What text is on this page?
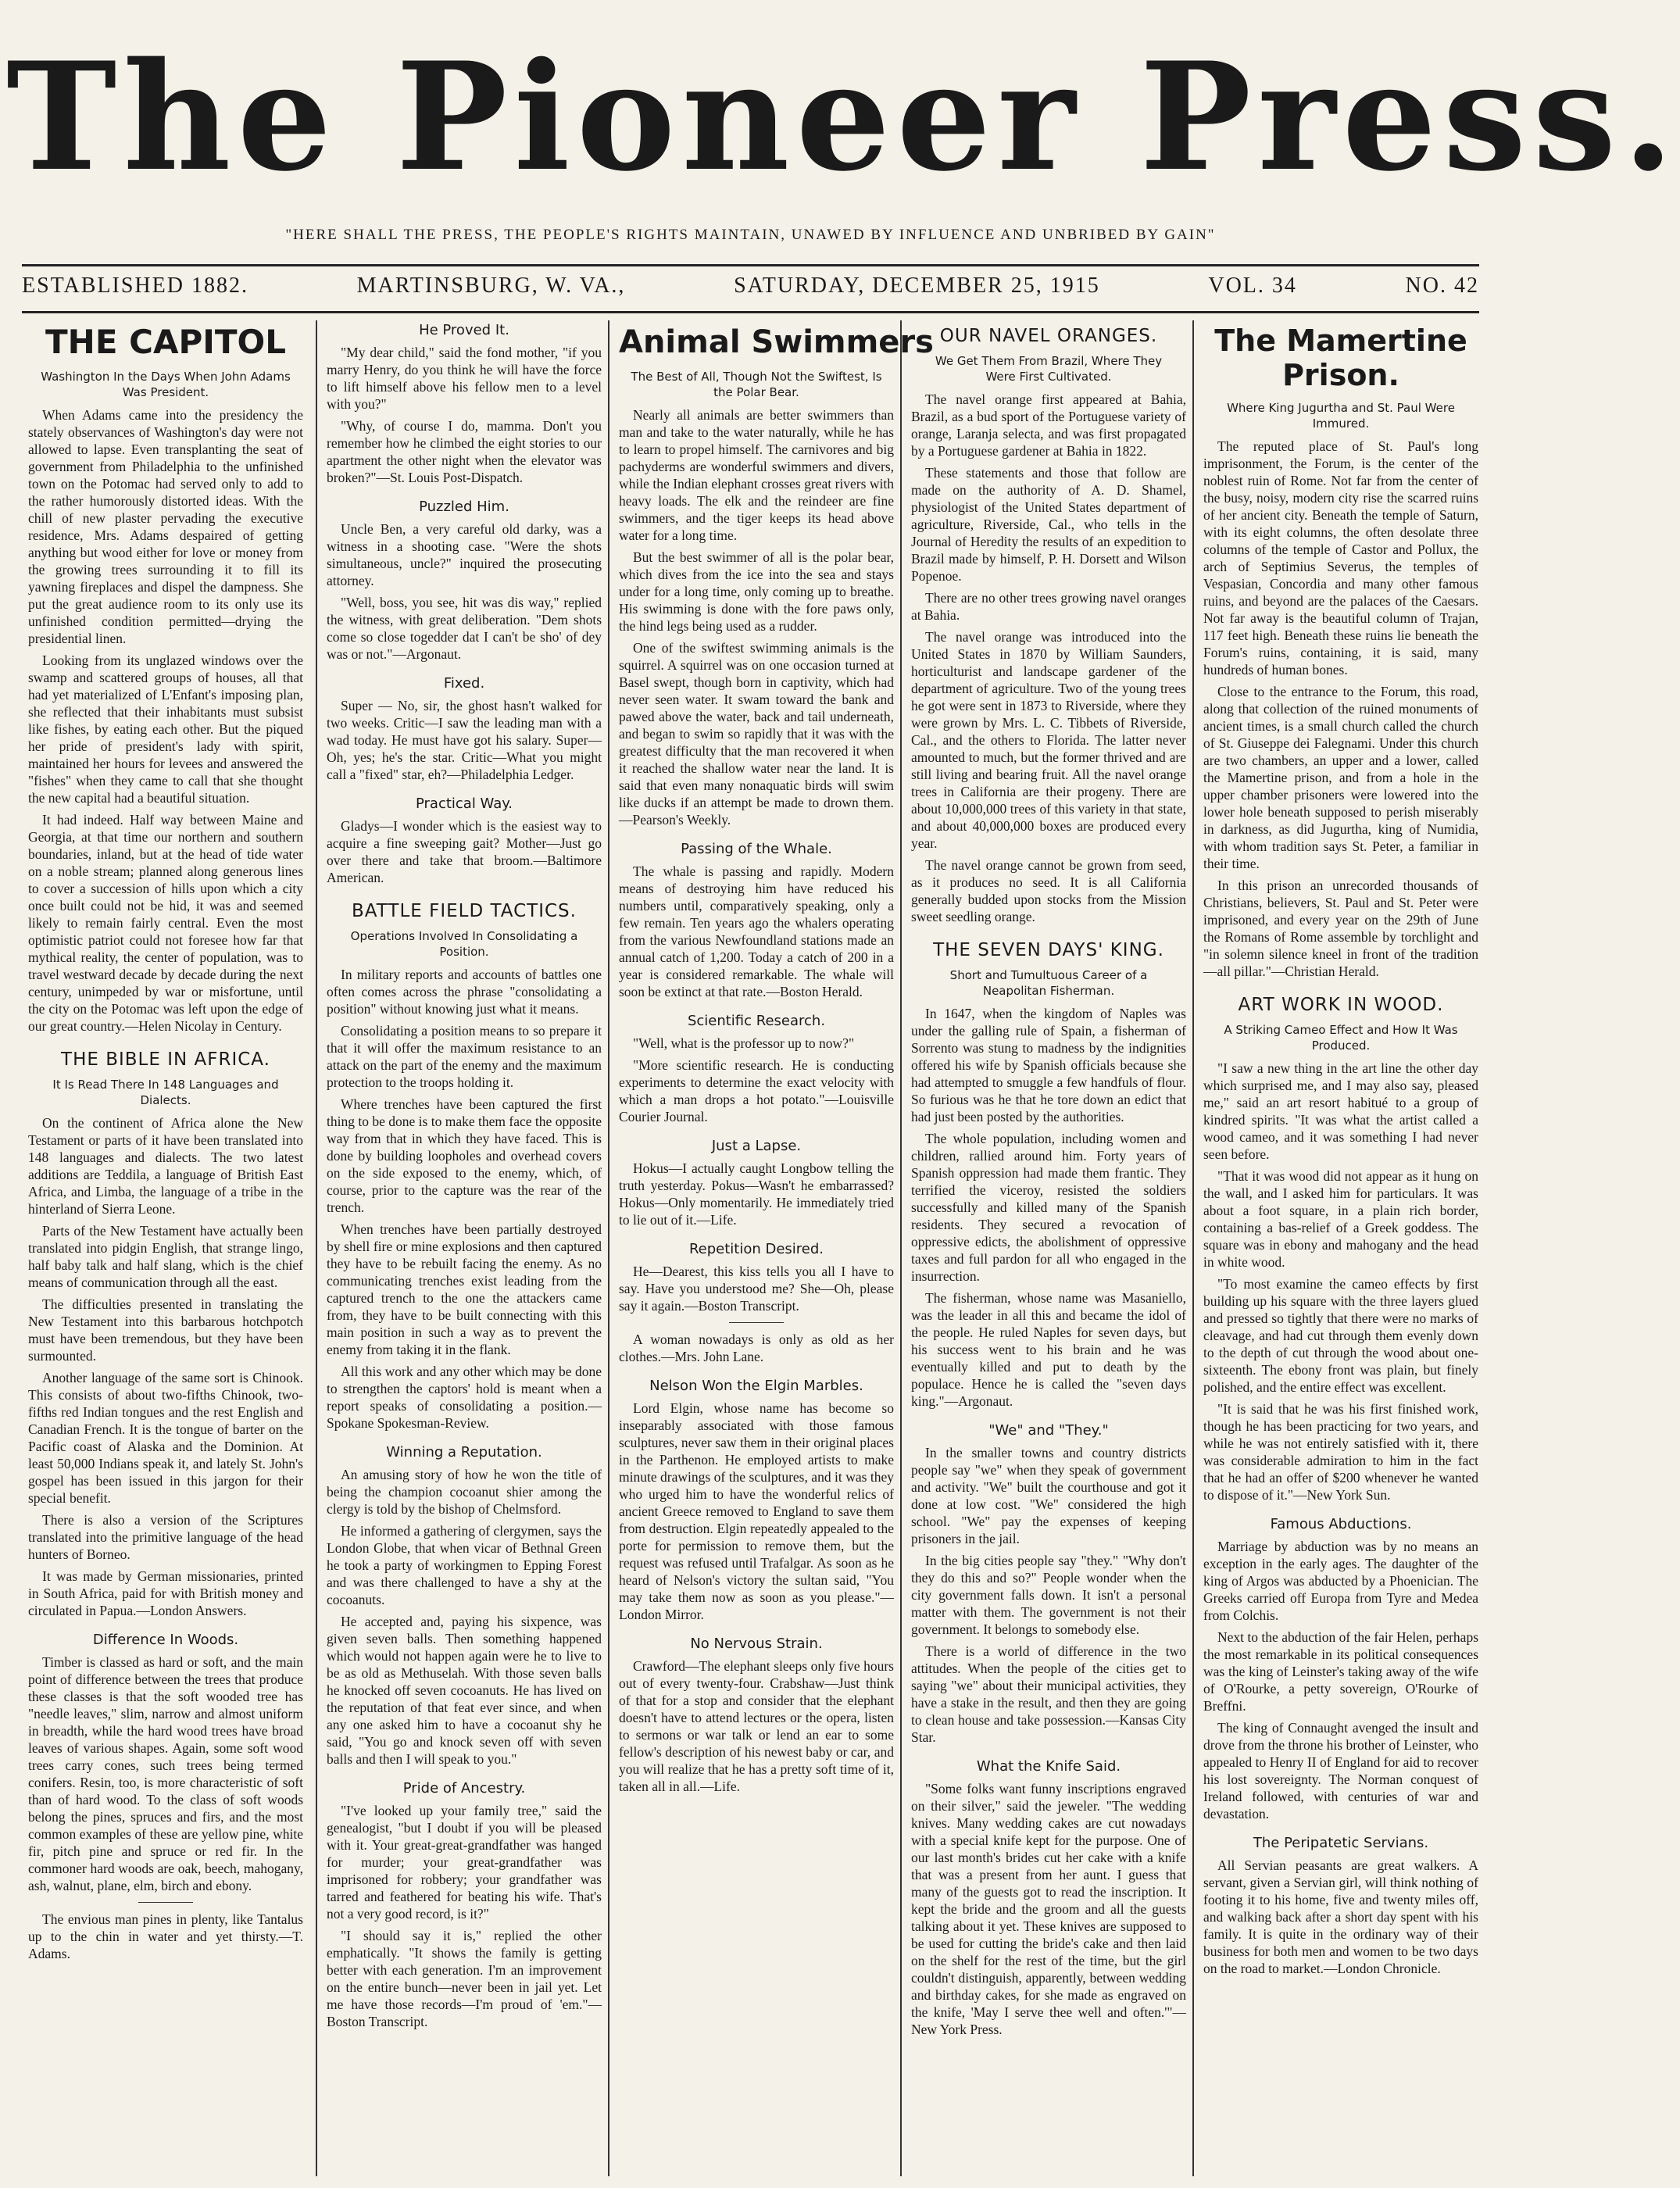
The Pioneer Press.
"HERE SHALL THE PRESS, THE PEOPLE'S RIGHTS MAINTAIN, UNAWED BY INFLUENCE AND UNBRIBED BY GAIN"
ESTABLISHED 1882.	MARTINSBURG, W. VA.,	SATURDAY, DECEMBER 25, 1915	VOL. 34	NO. 42
THE CAPITOL
Washington In the Days When John Adams Was President.

When Adams came into the presidency the stately observances of Washington's day were not allowed to lapse. Even transplanting the seat of government from Philadelphia to the unfinished town on the Potomac had served only to add to the rather humorously distorted ideas. With the chill of new plaster pervading the executive residence, Mrs. Adams despaired of getting anything but wood either for love or money from the growing trees surrounding it to fill its yawning fireplaces and dispel the dampness. She put the great audience room to its only use its unfinished condition permitted—drying the presidential linen.

Looking from its unglazed windows over the swamp and scattered groups of houses, all that had yet materialized of L'Enfant's imposing plan, she reflected that their inhabitants must subsist like fishes, by eating each other. But the piqued her pride of president's lady with spirit, maintained her hours for levees and answered the "fishes" when they came to call that she thought the new capital had a beautiful situation.

It had indeed. Half way between Maine and Georgia, at that time our northern and southern boundaries, inland, but at the head of tide water on a noble stream; planned along generous lines to cover a succession of hills upon which a city once built could not be hid, it was and seemed likely to remain fairly central. Even the most optimistic patriot could not foresee how far that mythical reality, the center of population, was to travel westward decade by decade during the next century, unimpeded by war or misfortune, until the city on the Potomac was left upon the edge of our great country.—Helen Nicolay in Century.

THE BIBLE IN AFRICA.
It Is Read There In 148 Languages and Dialects.

On the continent of Africa alone the New Testament or parts of it have been translated into 148 languages and dialects. The two latest additions are Teddila, a language of British East Africa, and Limba, the language of a tribe in the hinterland of Sierra Leone.

Parts of the New Testament have actually been translated into pidgin English, that strange lingo, half baby talk and half slang, which is the chief means of communication through all the east.

The difficulties presented in translating the New Testament into this barbarous hotchpotch must have been tremendous, but they have been surmounted.

Another language of the same sort is Chinook. This consists of about two-fifths Chinook, two-fifths red Indian tongues and the rest English and Canadian French. It is the tongue of barter on the Pacific coast of Alaska and the Dominion. At least 50,000 Indians speak it, and lately St. John's gospel has been issued in this jargon for their special benefit.

There is also a version of the Scriptures translated into the primitive language of the head hunters of Borneo.

It was made by German missionaries, printed in South Africa, paid for with British money and circulated in Papua.—London Answers.

Difference In Woods.

Timber is classed as hard or soft, and the main point of difference between the trees that produce these classes is that the soft wooded tree has "needle leaves," slim, narrow and almost uniform in breadth, while the hard wood trees have broad leaves of various shapes. Again, some soft wood trees carry cones, such trees being termed conifers. Resin, too, is more characteristic of soft than of hard wood. To the class of soft woods belong the pines, spruces and firs, and the most common examples of these are yellow pine, white fir, pitch pine and spruce or red fir. In the commoner hard woods are oak, beech, mahogany, ash, walnut, plane, elm, birch and ebony.

The envious man pines in plenty, like Tantalus up to the chin in water and yet thirsty.—T. Adams.

He Proved It.

"My dear child," said the fond mother, "if you marry Henry, do you think he will have the force to lift himself above his fellow men to a level with you?"

"Why, of course I do, mamma. Don't you remember how he climbed the eight stories to our apartment the other night when the elevator was broken?"—St. Louis Post-Dispatch.

Puzzled Him.

Uncle Ben, a very careful old darky, was a witness in a shooting case. "Were the shots simultaneous, uncle?" inquired the prosecuting attorney.

"Well, boss, you see, hit was dis way," replied the witness, with great deliberation. "Dem shots come so close togedder dat I can't be sho' of dey was or not."—Argonaut.

Fixed.

Super — No, sir, the ghost hasn't walked for two weeks. Critic—I saw the leading man with a wad today. He must have got his salary. Super—Oh, yes; he's the star. Critic—What you might call a "fixed" star, eh?—Philadelphia Ledger.

Practical Way.

Gladys—I wonder which is the easiest way to acquire a fine sweeping gait? Mother—Just go over there and take that broom.—Baltimore American.

BATTLE FIELD TACTICS.
Operations Involved In Consolidating a Position.

In military reports and accounts of battles one often comes across the phrase "consolidating a position" without knowing just what it means.

Consolidating a position means to so prepare it that it will offer the maximum resistance to an attack on the part of the enemy and the maximum protection to the troops holding it.

Where trenches have been captured the first thing to be done is to make them face the opposite way from that in which they have faced. This is done by building loopholes and overhead covers on the side exposed to the enemy, which, of course, prior to the capture was the rear of the trench.

When trenches have been partially destroyed by shell fire or mine explosions and then captured they have to be rebuilt facing the enemy. As no communicating trenches exist leading from the captured trench to the one the attackers came from, they have to be built connecting with this main position in such a way as to prevent the enemy from taking it in the flank.

All this work and any other which may be done to strengthen the captors' hold is meant when a report speaks of consolidating a position.—Spokane Spokesman-Review.

Winning a Reputation.

An amusing story of how he won the title of being the champion cocoanut shier among the clergy is told by the bishop of Chelmsford.

He informed a gathering of clergymen, says the London Globe, that when vicar of Bethnal Green he took a party of workingmen to Epping Forest and was there challenged to have a shy at the cocoanuts.

He accepted and, paying his sixpence, was given seven balls. Then something happened which would not happen again were he to live to be as old as Methuselah. With those seven balls he knocked off seven cocoanuts. He has lived on the reputation of that feat ever since, and when any one asked him to have a cocoanut shy he said, "You go and knock seven off with seven balls and then I will speak to you."

Pride of Ancestry.

"I've looked up your family tree," said the genealogist, "but I doubt if you will be pleased with it. Your great-great-grandfather was hanged for murder; your great-grandfather was imprisoned for robbery; your grandfather was tarred and feathered for beating his wife. That's not a very good record, is it?"

"I should say it is," replied the other emphatically. "It shows the family is getting better with each generation. I'm an improvement on the entire bunch—never been in jail yet. Let me have those records—I'm proud of 'em."—Boston Transcript.

Animal Swimmers
The Best of All, Though Not the Swiftest, Is the Polar Bear.

Nearly all animals are better swimmers than man and take to the water naturally, while he has to learn to propel himself. The carnivores and big pachyderms are wonderful swimmers and divers, while the Indian elephant crosses great rivers with heavy loads. The elk and the reindeer are fine swimmers, and the tiger keeps its head above water for a long time.

But the best swimmer of all is the polar bear, which dives from the ice into the sea and stays under for a long time, only coming up to breathe. His swimming is done with the fore paws only, the hind legs being used as a rudder.

One of the swiftest swimming animals is the squirrel. A squirrel was on one occasion turned at Basel swept, though born in captivity, which had never seen water. It swam toward the bank and pawed above the water, back and tail underneath, and began to swim so rapidly that it was with the greatest difficulty that the man recovered it when it reached the shallow water near the land. It is said that even many nonaquatic birds will swim like ducks if an attempt be made to drown them.—Pearson's Weekly.

Passing of the Whale.

The whale is passing and rapidly. Modern means of destroying him have reduced his numbers until, comparatively speaking, only a few remain. Ten years ago the whalers operating from the various Newfoundland stations made an annual catch of 1,200. Today a catch of 200 in a year is considered remarkable. The whale will soon be extinct at that rate.—Boston Herald.

Scientific Research.

"Well, what is the professor up to now?"

"More scientific research. He is conducting experiments to determine the exact velocity with which a man drops a hot potato."—Louisville Courier Journal.

Just a Lapse.

Hokus—I actually caught Longbow telling the truth yesterday. Pokus—Wasn't he embarrassed? Hokus—Only momentarily. He immediately tried to lie out of it.—Life.

Repetition Desired.

He—Dearest, this kiss tells you all I have to say. Have you understood me? She—Oh, please say it again.—Boston Transcript.

A woman nowadays is only as old as her clothes.—Mrs. John Lane.

Nelson Won the Elgin Marbles.

Lord Elgin, whose name has become so inseparably associated with those famous sculptures, never saw them in their original places in the Parthenon. He employed artists to make minute drawings of the sculptures, and it was they who urged him to have the wonderful relics of ancient Greece removed to England to save them from destruction. Elgin repeatedly appealed to the porte for permission to remove them, but the request was refused until Trafalgar. As soon as he heard of Nelson's victory the sultan said, "You may take them now as soon as you please."—London Mirror.

No Nervous Strain.

Crawford—The elephant sleeps only five hours out of every twenty-four. Crabshaw—Just think of that for a stop and consider that the elephant doesn't have to attend lectures or the opera, listen to sermons or war talk or lend an ear to some fellow's description of his newest baby or car, and you will realize that he has a pretty soft time of it, taken all in all.—Life.

OUR NAVEL ORANGES.
We Get Them From Brazil, Where They Were First Cultivated.

The navel orange first appeared at Bahia, Brazil, as a bud sport of the Portuguese variety of orange, Laranja selecta, and was first propagated by a Portuguese gardener at Bahia in 1822.

These statements and those that follow are made on the authority of A. D. Shamel, physiologist of the United States department of agriculture, Riverside, Cal., who tells in the Journal of Heredity the results of an expedition to Brazil made by himself, P. H. Dorsett and Wilson Popenoe.

There are no other trees growing navel oranges at Bahia.

The navel orange was introduced into the United States in 1870 by William Saunders, horticulturist and landscape gardener of the department of agriculture. Two of the young trees he got were sent in 1873 to Riverside, where they were grown by Mrs. L. C. Tibbets of Riverside, Cal., and the others to Florida. The latter never amounted to much, but the former thrived and are still living and bearing fruit. All the navel orange trees in California are their progeny. There are about 10,000,000 trees of this variety in that state, and about 40,000,000 boxes are produced every year.

The navel orange cannot be grown from seed, as it produces no seed. It is all California generally budded upon stocks from the Mission sweet seedling orange.

THE SEVEN DAYS' KING.
Short and Tumultuous Career of a Neapolitan Fisherman.

In 1647, when the kingdom of Naples was under the galling rule of Spain, a fisherman of Sorrento was stung to madness by the indignities offered his wife by Spanish officials because she had attempted to smuggle a few handfuls of flour. So furious was he that he tore down an edict that had just been posted by the authorities.

The whole population, including women and children, rallied around him. Forty years of Spanish oppression had made them frantic. They terrified the viceroy, resisted the soldiers successfully and killed many of the Spanish residents. They secured a revocation of oppressive edicts, the abolishment of oppressive taxes and full pardon for all who engaged in the insurrection.

The fisherman, whose name was Masaniello, was the leader in all this and became the idol of the people. He ruled Naples for seven days, but his success went to his brain and he was eventually killed and put to death by the populace. Hence he is called the "seven days king."—Argonaut.

"We" and "They."

In the smaller towns and country districts people say "we" when they speak of government and activity. "We" built the courthouse and got it done at low cost. "We" considered the high school. "We" pay the expenses of keeping prisoners in the jail.

In the big cities people say "they." "Why don't they do this and so?" People wonder when the city government falls down. It isn't a personal matter with them. The government is not their government. It belongs to somebody else.

There is a world of difference in the two attitudes. When the people of the cities get to saying "we" about their municipal activities, they have a stake in the result, and then they are going to clean house and take possession.—Kansas City Star.

What the Knife Said.

"Some folks want funny inscriptions engraved on their silver," said the jeweler. "The wedding knives. Many wedding cakes are cut nowadays with a special knife kept for the purpose. One of our last month's brides cut her cake with a knife that was a present from her aunt. I guess that many of the guests got to read the inscription. It kept the bride and the groom and all the guests talking about it yet. These knives are supposed to be used for cutting the bride's cake and then laid on the shelf for the rest of the time, but the girl couldn't distinguish, apparently, between wedding and birthday cakes, for she made as engraved on the knife, 'May I serve thee well and often.'"—New York Press.

The Mamertine Prison.
Where King Jugurtha and St. Paul Were Immured.

The reputed place of St. Paul's long imprisonment, the Forum, is the center of the noblest ruin of Rome. Not far from the center of the busy, noisy, modern city rise the scarred ruins of her ancient city. Beneath the temple of Saturn, with its eight columns, the often desolate three columns of the temple of Castor and Pollux, the arch of Septimius Severus, the temples of Vespasian, Concordia and many other famous ruins, and beyond are the palaces of the Caesars. Not far away is the beautiful column of Trajan, 117 feet high. Beneath these ruins lie beneath the Forum's ruins, containing, it is said, many hundreds of human bones.

Close to the entrance to the Forum, this road, along that collection of the ruined monuments of ancient times, is a small church called the church of St. Giuseppe dei Falegnami. Under this church are two chambers, an upper and a lower, called the Mamertine prison, and from a hole in the upper chamber prisoners were lowered into the lower hole beneath supposed to perish miserably in darkness, as did Jugurtha, king of Numidia, with whom tradition says St. Peter, a familiar in their time.

In this prison an unrecorded thousands of Christians, believers, St. Paul and St. Peter were imprisoned, and every year on the 29th of June the Romans of Rome assemble by torchlight and "in solemn silence kneel in front of the tradition—all pillar."—Christian Herald.

ART WORK IN WOOD.
A Striking Cameo Effect and How It Was Produced.

"I saw a new thing in the art line the other day which surprised me, and I may also say, pleased me," said an art resort habitué to a group of kindred spirits. "It was what the artist called a wood cameo, and it was something I had never seen before.

"That it was wood did not appear as it hung on the wall, and I asked him for particulars. It was about a foot square, in a plain rich border, containing a bas-relief of a Greek goddess. The square was in ebony and mahogany and the head in white wood.

"To most examine the cameo effects by first building up his square with the three layers glued and pressed so tightly that there were no marks of cleavage, and had cut through them evenly down to the depth of cut through the wood about one-sixteenth. The ebony front was plain, but finely polished, and the entire effect was excellent.

"It is said that he was his first finished work, though he has been practicing for two years, and while he was not entirely satisfied with it, there was considerable admiration to him in the fact that he had an offer of $200 whenever he wanted to dispose of it."—New York Sun.

Famous Abductions.

Marriage by abduction was by no means an exception in the early ages. The daughter of the king of Argos was abducted by a Phoenician. The Greeks carried off Europa from Tyre and Medea from Colchis.

Next to the abduction of the fair Helen, perhaps the most remarkable in its political consequences was the king of Leinster's taking away of the wife of O'Rourke, a petty sovereign, O'Rourke of Breffni.

The king of Connaught avenged the insult and drove from the throne his brother of Leinster, who appealed to Henry II of England for aid to recover his lost sovereignty. The Norman conquest of Ireland followed, with centuries of war and devastation.

The Peripatetic Servians.

All Servian peasants are great walkers. A servant, given a Servian girl, will think nothing of footing it to his home, five and twenty miles off, and walking back after a short day spent with his family. It is quite in the ordinary way of their business for both men and women to be two days on the road to market.—London Chronicle.
